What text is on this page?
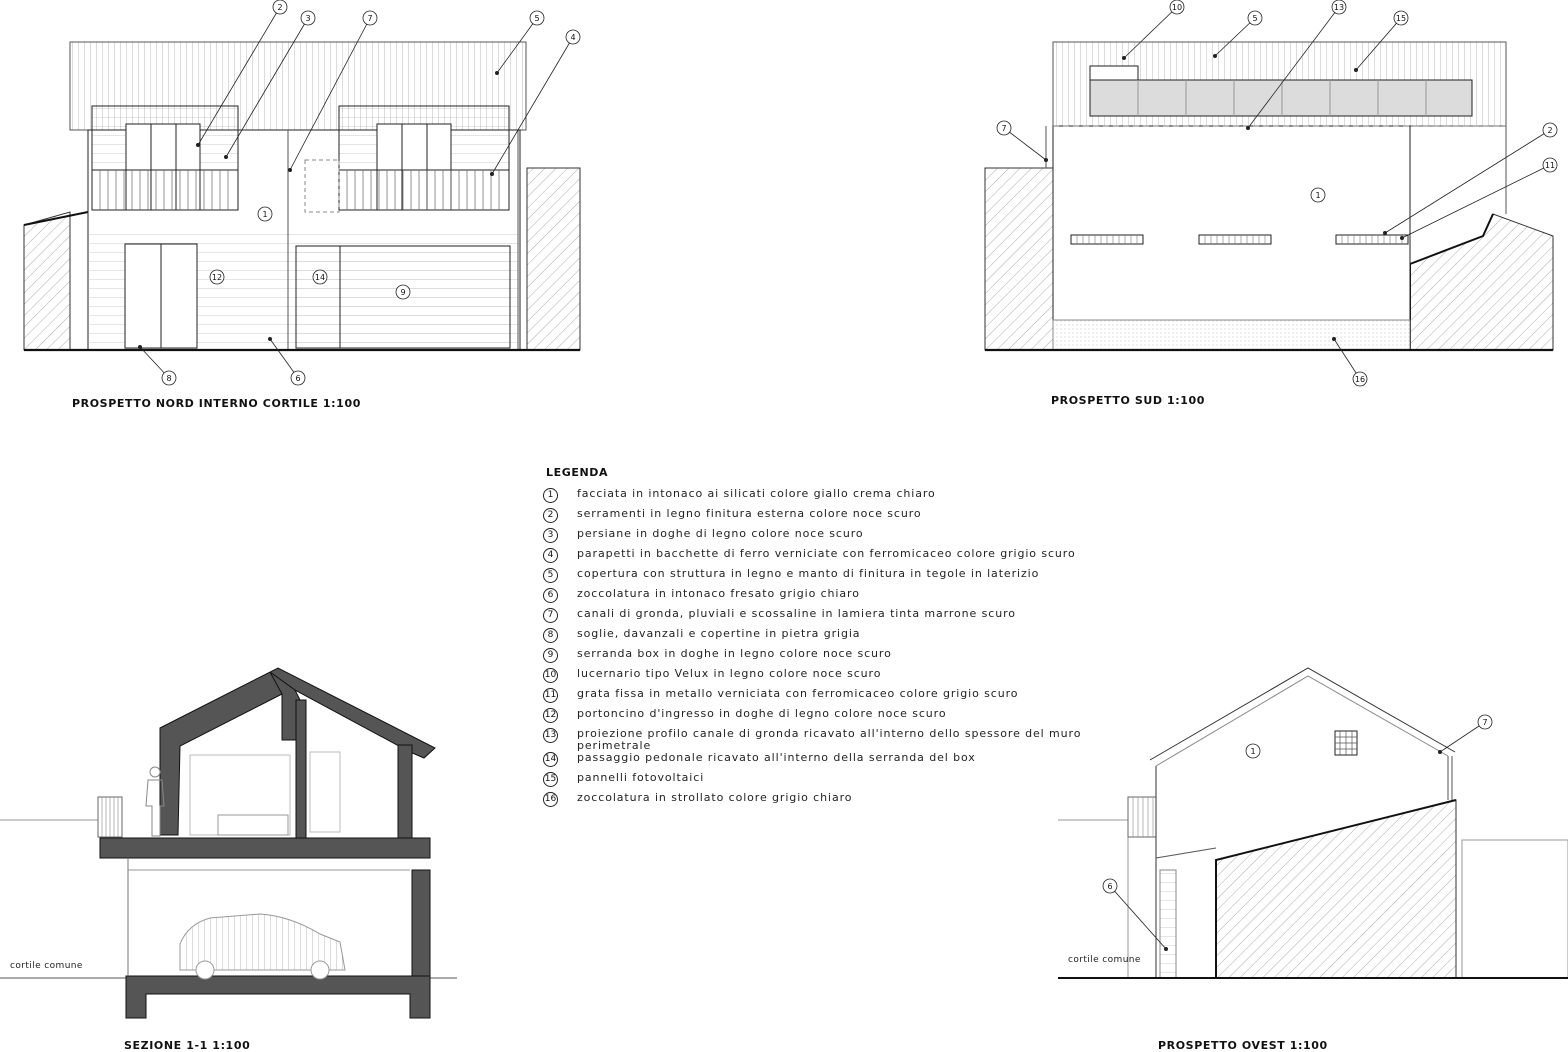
2
3	7	5
4
1
12	14
9
8	6
10
5
13
15
7	2
11
1
16
7
1
6
PROSPETTO NORD INTERNO CORTILE 1:100	PROSPETTO SUD 1:100
SEZIONE 1-1 1:100	PROSPETTO OVEST 1:100
cortile comune
cortile comune
LEGENDA
1	facciata in intonaco ai silicati colore giallo crema chiaro
2	serramenti in legno finitura esterna colore noce scuro
3	persiane in doghe di legno colore noce scuro
4	parapetti in bacchette di ferro verniciate con ferromicaceo colore grigio scuro
5	copertura con struttura in legno e manto di finitura in tegole in laterizio
6	zoccolatura in intonaco fresato grigio chiaro
7	canali di gronda, pluviali e scossaline in lamiera tinta marrone scuro
8	soglie, davanzali e copertine in pietra grigia
9	serranda box in doghe in legno colore noce scuro
10 lucernario tipo Velux in legno colore noce scuro
11 grata fissa in metallo verniciata con ferromicaceo colore grigio scuro
12 portoncino d'ingresso in doghe di legno colore noce scuro
13 proiezione profilo canale di gronda ricavato all'interno dello spessore del muro perimetrale
14 passaggio pedonale ricavato all'interno della serranda del box
15 pannelli fotovoltaici
16 zoccolatura in strollato colore grigio chiaro
